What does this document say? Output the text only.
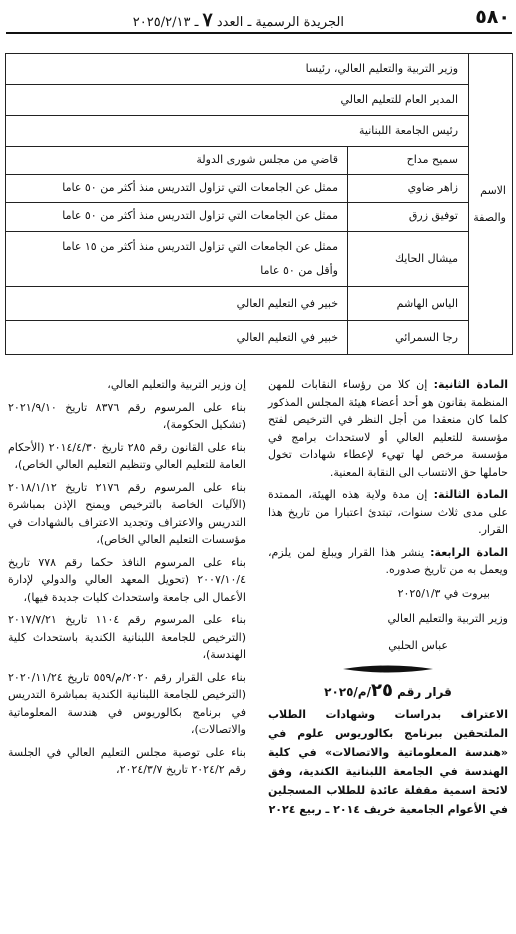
٥٨٠
الجريدة الرسمية ـ العدد ٧ ـ ٢٠٢٥/٢/١٣
الاسم
والصفة
وزير التربية والتعليم العالي، رئيسا
المدير العام للتعليم العالي
رئيس الجامعة اللبنانية
سميح مداح
قاضي من مجلس شورى الدولة
زاهر ضاوي
ممثل عن الجامعات التي تزاول التدريس منذ أكثر من ٥٠ عاما
توفيق زرق
ممثل عن الجامعات التي تزاول التدريس منذ أكثر من ٥٠ عاما
ميشال الحايك
ممثل عن الجامعات التي تزاول التدريس منذ أكثر من ١٥ عاما
وأقل من ٥٠ عاما
الياس الهاشم
خبير في التعليم العالي
رجا السمرائي
خبير في التعليم العالي

المادة الثانية: إن كلا من رؤساء النقابات للمهن المنظمة بقانون هو أحد أعضاء هيئة المجلس المذكور كلما كان منعقدا من أجل النظر في الترخيص لفتح مؤسسة للتعليم العالي أو لاستحداث برامج في مؤسسة مرخص لها تهيء لإعطاء شهادات تخول حاملها حق الانتساب الى النقابة المعنية.

المادة الثالثة: إن مدة ولاية هذه الهيئة، الممتدة على مدى ثلاث سنوات، تبتدئ اعتبارا من تاريخ هذا القرار.

المادة الرابعة: ينشر هذا القرار ويبلغ لمن يلزم، ويعمل به من تاريخ صدوره.

بيروت في ٢٠٢٥/١/٣
وزير التربية والتعليم العالي
عباس الحلبي
قرار رقم ٢٥/م/٢٠٢٥
الاعتراف بدراسات وشهادات الطلاب الملتحقين ببرنامج بكالوريوس علوم في «هندسة المعلوماتية والاتصالات» في كلية الهندسة في الجامعة اللبنانية الكندية، وفق لائحة اسمية مقفلة عائدة للطلاب المسجلين في الأعوام الجامعية خريف ٢٠١٤ ـ ربيع ٢٠٢٤

إن وزير التربية والتعليم العالي،

بناء على المرسوم رقم ٨٣٧٦ تاريخ ٢٠٢١/٩/١٠ (تشكيل الحكومة)،

بناء على القانون رقم ٢٨٥ تاريخ ٢٠١٤/٤/٣٠ (الأحكام العامة للتعليم العالي وتنظيم التعليم العالي الخاص)،

بناء على المرسوم رقم ٢١٧٦ تاريخ ٢٠١٨/١/١٢ (الآليات الخاصة بالترخيص ويمنح الإذن بمباشرة التدريس والاعتراف وتجديد الاعتراف بالشهادات في مؤسسات التعليم العالي الخاص)،

بناء على المرسوم النافذ حكما رقم ٧٧٨ تاريخ ٢٠٠٧/١٠/٤ (تحويل المعهد العالي والدولي لإدارة الأعمال الى جامعة واستحداث كليات جديدة فيها)،

بناء على المرسوم رقم ١١٠٤ تاريخ ٢٠١٧/٧/٢١ (الترخيص للجامعة اللبنانية الكندية باستحداث كلية الهندسة)،

بناء على القرار رقم ٢٠٢٠/م/٥٥٩ تاريخ ٢٠٢٠/١١/٢٤ (الترخيص للجامعة اللبنانية الكندية بمباشرة التدريس في برنامج بكالوريوس في هندسة المعلوماتية والاتصالات)،

بناء على توصية مجلس التعليم العالي في الجلسة رقم ٢٠٢٤/٢ تاريخ ٢٠٢٤/٣/٧،
